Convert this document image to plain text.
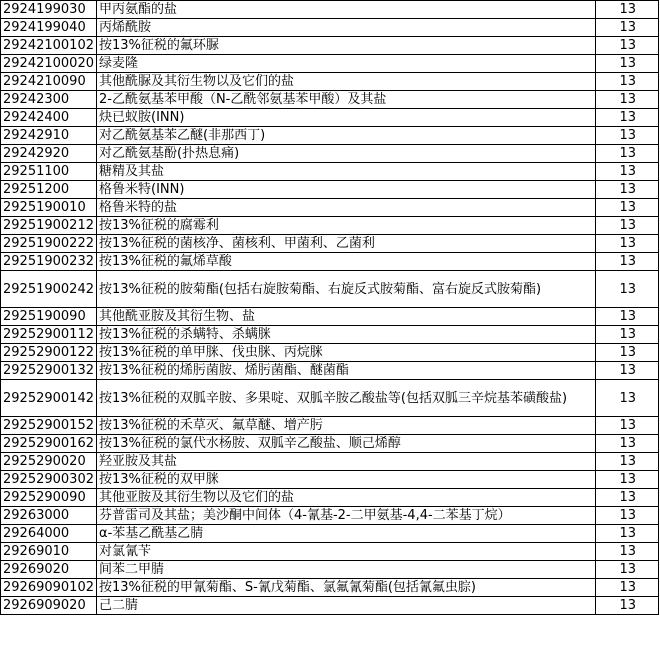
2924199030	甲丙氨酯的盐	13
2924199040	丙烯酰胺	13
29242100102	按13%征税的氟环脲	13
29242100020	绿麦隆	13
2924210090	其他酰脲及其衍生物以及它们的盐	13
29242300	2-乙酰氨基苯甲酸（N-乙酰邻氨基苯甲酸）及其盐	13
29242400	炔已蚁胺(INN)	13
29242910	对乙酰氨基苯乙醚(非那西丁)	13
29242920	对乙酰氨基酚(扑热息痛)	13
29251100	糖精及其盐	13
29251200	格鲁米特(INN)	13
2925190010	格鲁米特的盐	13
29251900212	按13%征税的腐霉利	13
29251900222	按13%征税的菌核净、菌核利、甲菌利、乙菌利	13
29251900232	按13%征税的氟烯草酸	13
29251900242	按13%征税的胺菊酯(包括右旋胺菊酯、右旋反式胺菊酯、富右旋反式胺菊酯)	13
2925190090	其他酰亚胺及其衍生物、盐	13
29252900112	按13%征税的杀螨特、杀螨脒	13
29252900122	按13%征税的单甲脒、伐虫脒、丙烷脒	13
29252900132	按13%征税的烯肟菌胺、烯肟菌酯、醚菌酯	13
29252900142	按13%征税的双胍辛胺、多果啶、双胍辛胺乙酸盐等(包括双胍三辛烷基苯磺酸盐)	13
29252900152	按13%征税的禾草灭、氟草醚、增产肟	13
29252900162	按13%征税的氯代水杨胺、双胍辛乙酸盐、顺己烯醇	13
2925290020	羟亚胺及其盐	13
29252900302	按13%征税的双甲脒	13
2925290090	其他亚胺及其衍生物以及它们的盐	13
29263000	芬普雷司及其盐；美沙酮中间体（4-氰基-2-二甲氨基-4,4-二苯基丁烷）	13
29264000	α-苯基乙酰基乙腈	13
29269010	对氯氰苄	13
29269020	间苯二甲腈	13
29269090102	按13%征税的甲氰菊酯、S-氰戊菊酯、氯氟氰菊酯(包括氰氟虫腙)	13
2926909020	己二腈	13
